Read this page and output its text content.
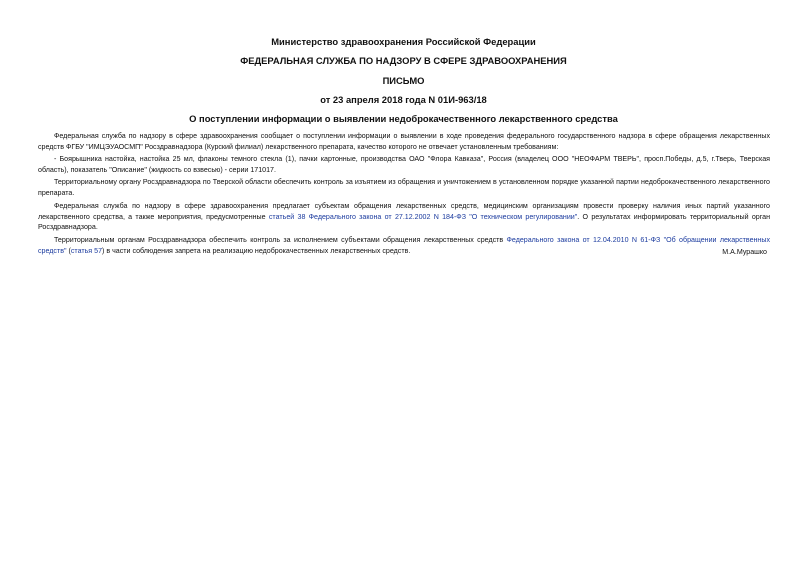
Министерство здравоохранения Российской Федерации
ФЕДЕРАЛЬНАЯ СЛУЖБА ПО НАДЗОРУ В СФЕРЕ ЗДРАВООХРАНЕНИЯ
ПИСЬМО
от 23 апреля 2018 года N 01И-963/18
О поступлении информации о выявлении недоброкачественного лекарственного средства

Федеральная служба по надзору в сфере здравоохранения сообщает о поступлении информации о выявлении в ходе проведения федерального государственного надзора в сфере обращения лекарственных средств ФГБУ "ИМЦЭУАОСМП" Росздравнадзора (Курский филиал) лекарственного препарата, качество которого не отвечает установленным требованиям:

- Боярышника настойка, настойка 25 мл, флаконы темного стекла (1), пачки картонные, производства ОАО "Флора Кавказа", Россия (владелец ООО "НЕОФАРМ ТВЕРЬ", просп.Победы, д.5, г.Тверь, Тверская область), показатель "Описание" (жидкость со взвесью) - серии 171017.

Территориальному органу Росздравнадзора по Тверской области обеспечить контроль за изъятием из обращения и уничтожением в установленном порядке указанной партии недоброкачественного лекарственного препарата.

Федеральная служба по надзору в сфере здравоохранения предлагает субъектам обращения лекарственных средств, медицинским организациям провести проверку наличия иных партий указанного лекарственного средства, а также мероприятия, предусмотренные статьей 38 Федерального закона от 27.12.2002 N 184-ФЗ "О техническом регулировании". О результатах информировать территориальный орган Росздравнадзора.

Территориальным органам Росздравнадзора обеспечить контроль за исполнением субъектами обращения лекарственных средств Федерального закона от 12.04.2010 N 61-ФЗ "Об обращении лекарственных средств" (статья 57) в части соблюдения запрета на реализацию недоброкачественных лекарственных средств.	М.А.Мурашко
